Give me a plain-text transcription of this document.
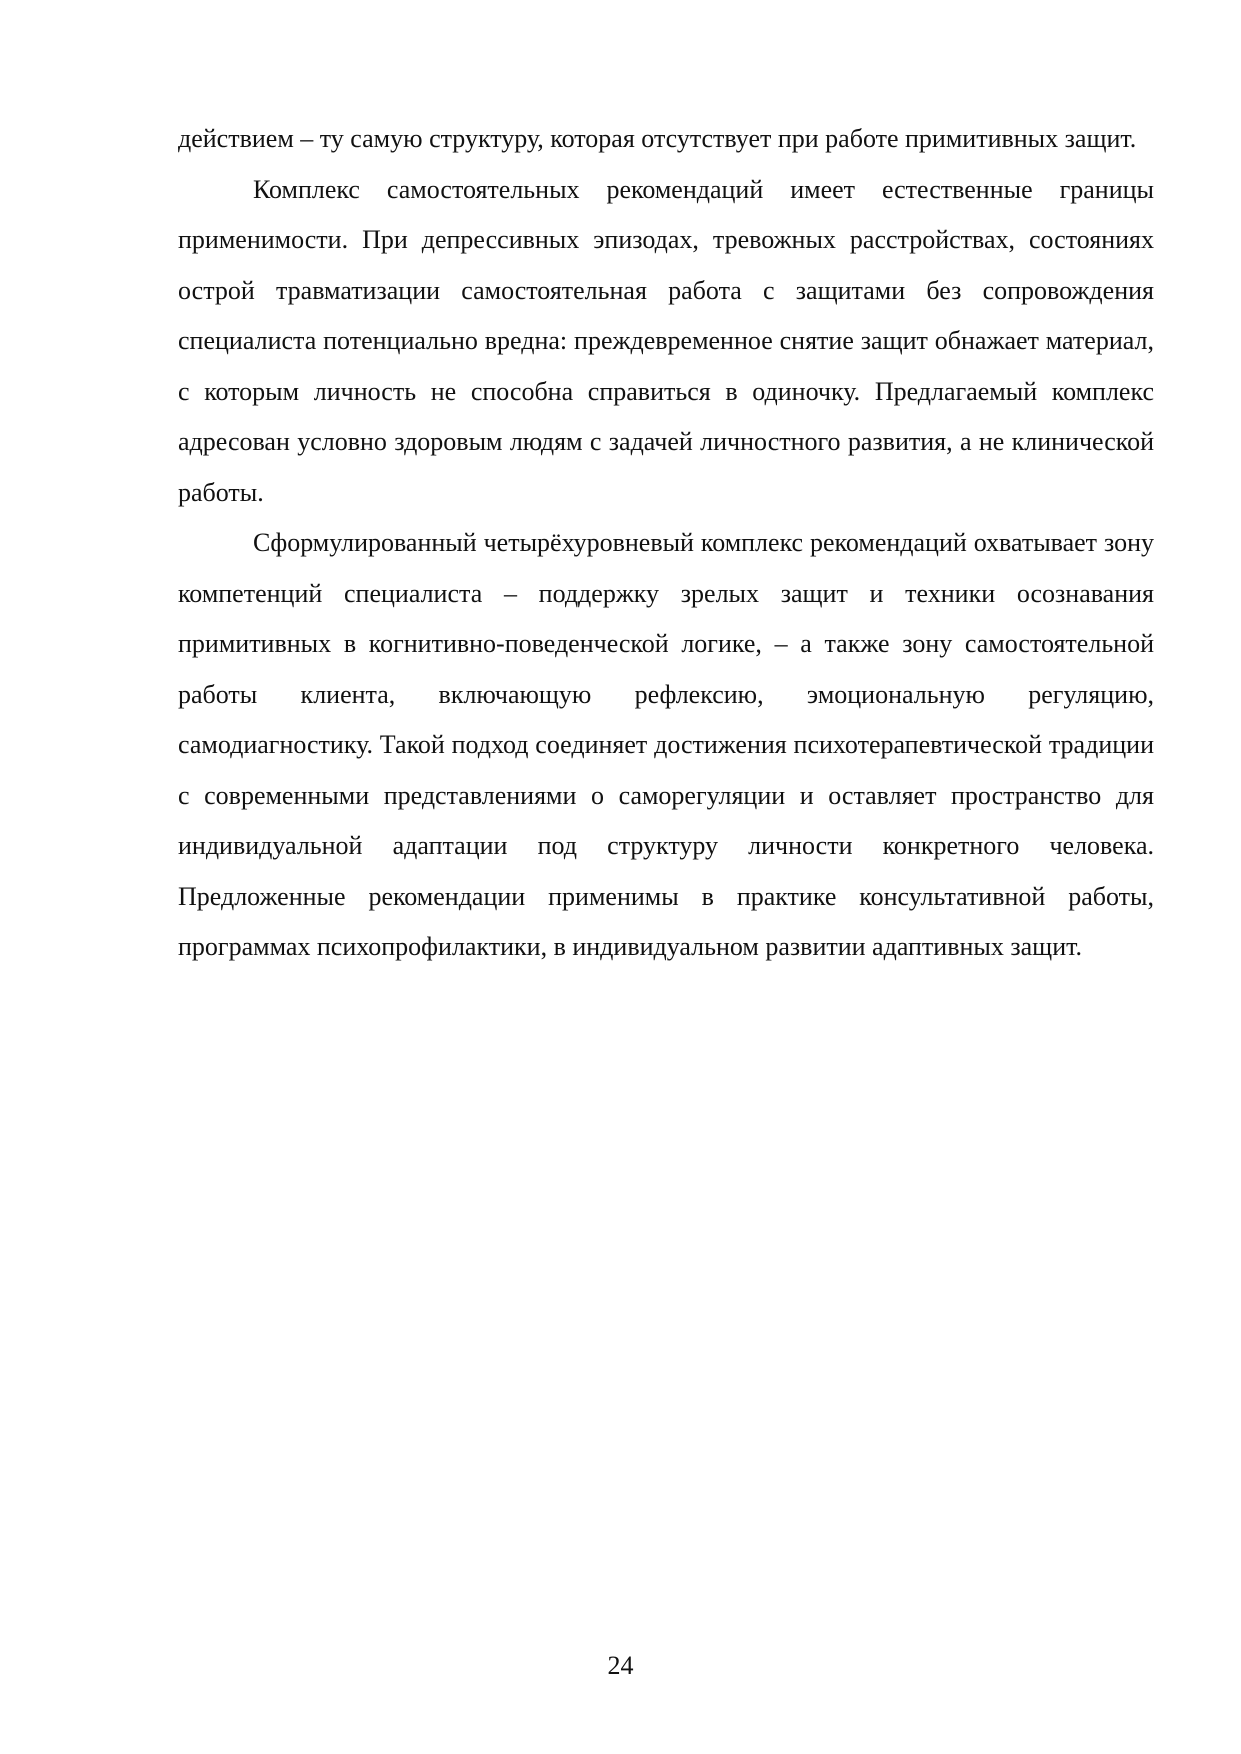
действием – ту самую структуру, которая отсутствует при работе примитивных защит.

Комплекс самостоятельных рекомендаций имеет естественные границы применимости. При депрессивных эпизодах, тревожных расстройствах, состояниях острой травматизации самостоятельная работа с защитами без сопровождения специалиста потенциально вредна: преждевременное снятие защит обнажает материал, с которым личность не способна справиться в одиночку. Предлагаемый комплекс адресован условно здоровым людям с задачей личностного развития, а не клинической работы.

Сформулированный четырёхуровневый комплекс рекомендаций охватывает зону компетенций специалиста – поддержку зрелых защит и техники осознавания примитивных в когнитивно-поведенческой логике, – а также зону самостоятельной работы клиента, включающую рефлексию, эмоциональную регуляцию, самодиагностику. Такой подход соединяет достижения психотерапевтической традиции с современными представлениями о саморегуляции и оставляет пространство для индивидуальной адаптации под структуру личности конкретного человека. Предложенные рекомендации применимы в практике консультативной работы, программах психопрофилактики, в индивидуальном развитии адаптивных защит.

24
